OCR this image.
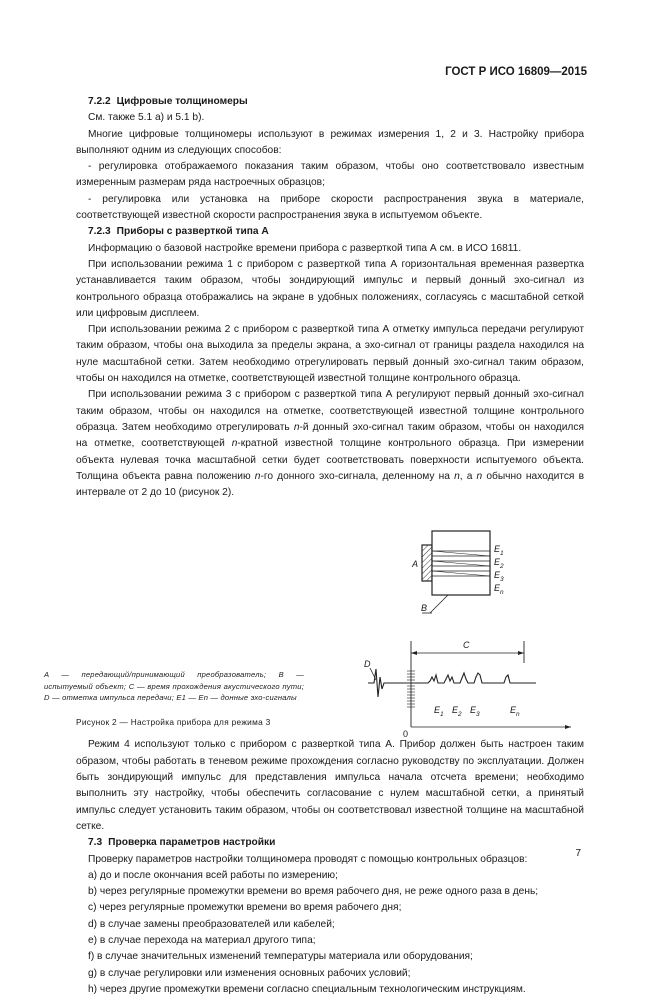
ГОСТ Р ИСО 16809—2015

7.2.2 Цифровые толщиномеры

См. также 5.1 а) и 5.1 b).

Многие цифровые толщиномеры используют в режимах измерения 1, 2 и 3. Настройку прибора выполняют одним из следующих способов:

- регулировка отображаемого показания таким образом, чтобы оно соответствовало известным измеренным размерам ряда настроечных образцов;

- регулировка или установка на приборе скорости распространения звука в материале, соответствующей известной скорости распространения звука в испытуемом объекте.

7.2.3 Приборы с разверткой типа А

Информацию о базовой настройке времени прибора с разверткой типа А см. в ИСО 16811.

При использовании режима 1 с прибором с разверткой типа А горизонтальная временная развертка устанавливается таким образом, чтобы зондирующий импульс и первый донный эхо-сигнал из контрольного образца отображались на экране в удобных положениях, согласуясь с масштабной сеткой или цифровым дисплеем.

При использовании режима 2 с прибором с разверткой типа А отметку импульса передачи регулируют таким образом, чтобы она выходила за пределы экрана, а эхо-сигнал от границы раздела находился на нуле масштабной сетки. Затем необходимо отрегулировать первый донный эхо-сигнал таким образом, чтобы он находился на отметке, соответствующей известной толщине контрольного образца.

При использовании режима 3 с прибором с разверткой типа А регулируют первый донный эхо-сигнал таким образом, чтобы он находился на отметке, соответствующей известной толщине контрольного образца. Затем необходимо отрегулировать n-й донный эхо-сигнал таким образом, чтобы он находился на отметке, соответствующей n-кратной известной толщине контрольного образца. При измерении объекта нулевая точка масштабной сетки будет соответствовать поверхности испытуемого объекта. Толщина объекта равна положению n-го донного эхо-сигнала, деленному на n, а n обычно находится в интервале от 2 до 10 (рисунок 2).

A
B
$E_1$
$E_2$
$E_3$
$E_n$
C
D
0
$E_1$ $E_2$ $E_3$	$E_n$
A — передающий/принимающий преобразователь; B — испытуемый объект; C — время прохождения акустического пути; D — отметка импульса передачи; E1 — En — донные эхо-сигналы
Рисунок 2 — Настройка прибора для режима 3

Режим 4 используют только с прибором с разверткой типа А. Прибор должен быть настроен таким образом, чтобы работать в теневом режиме прохождения согласно руководству по эксплуатации. Должен быть зондирующий импульс для представления импульса начала отсчета времени; необходимо выполнить эту настройку, чтобы обеспечить согласование с нулем масштабной сетки, а принятый импульс следует установить таким образом, чтобы он соответствовал известной толщине на масштабной сетке.

7.3 Проверка параметров настройки

Проверку параметров настройки толщиномера проводят с помощью контрольных образцов:

а) до и после окончания всей работы по измерению;

b) через регулярные промежутки времени во время рабочего дня, не реже одного раза в день;

c) через регулярные промежутки времени во время рабочего дня;

d) в случае замены преобразователей или кабелей;

e) в случае перехода на материал другого типа;

f) в случае значительных изменений температуры материала или оборудования;

g) в случае регулировки или изменения основных рабочих условий;

h) через другие промежутки времени согласно специальным технологическим инструкциям.

7
